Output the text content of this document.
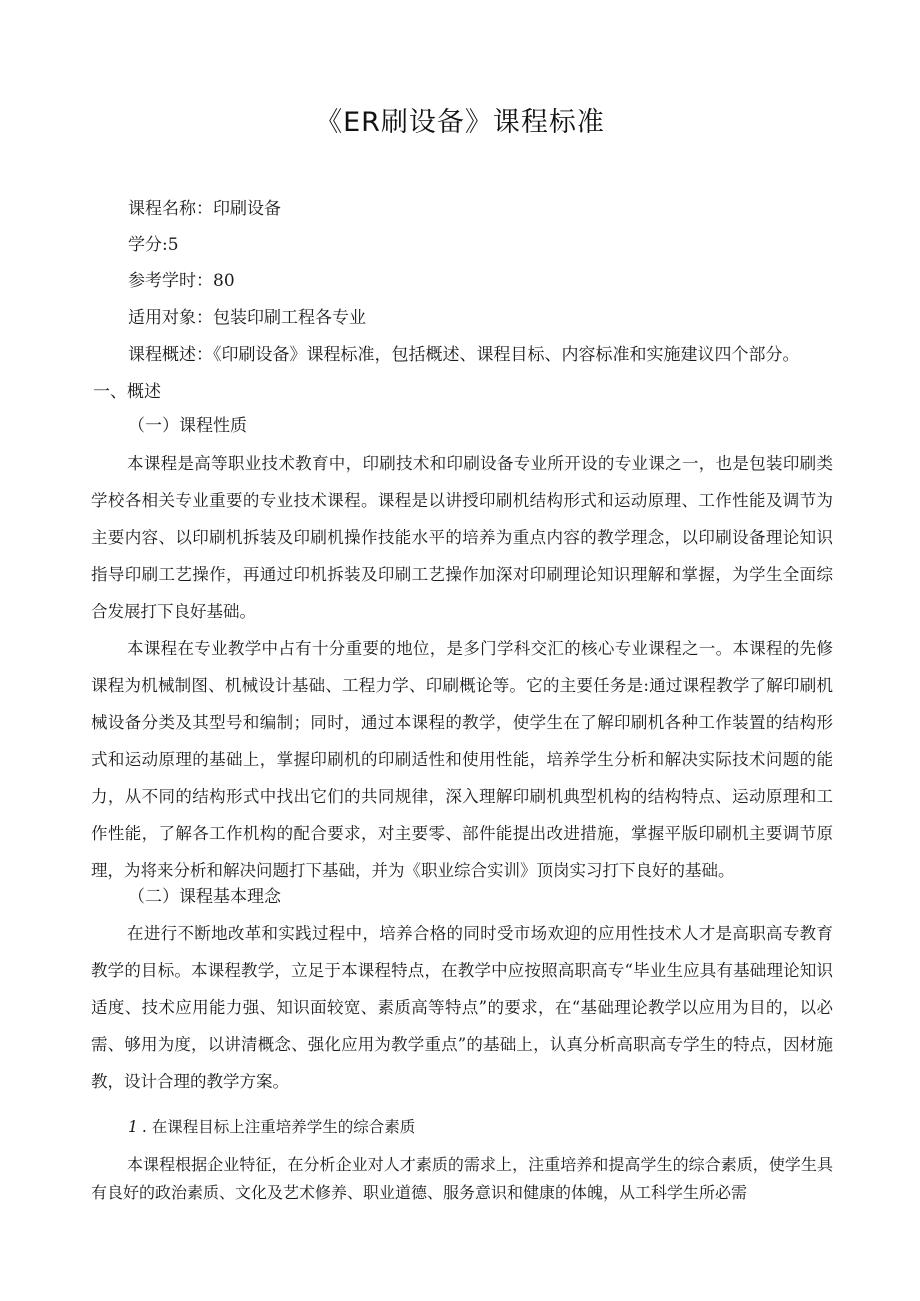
《ER刷设备》课程标准
课程名称：印刷设备
学分:5
参考学时：80
适用对象：包装印刷工程各专业
课程概述：《印刷设备》课程标准，包括概述、课程目标、内容标准和实施建议四个部分。
一、概述
（一）课程性质
本课程是高等职业技术教育中，印刷技术和印刷设备专业所开设的专业课之一，也是包装印刷类学校各相关专业重要的专业技术课程。课程是以讲授印刷机结构形式和运动原理、工作性能及调节为主要内容、以印刷机拆装及印刷机操作技能水平的培养为重点内容的教学理念，以印刷设备理论知识指导印刷工艺操作，再通过印机拆装及印刷工艺操作加深对印刷理论知识理解和掌握，为学生全面综合发展打下良好基础。
本课程在专业教学中占有十分重要的地位，是多门学科交汇的核心专业课程之一。本课程的先修课程为机械制图、机械设计基础、工程力学、印刷概论等。它的主要任务是:通过课程教学了解印刷机械设备分类及其型号和编制；同时，通过本课程的教学，使学生在了解印刷机各种工作装置的结构形式和运动原理的基础上，掌握印刷机的印刷适性和使用性能，培养学生分析和解决实际技术问题的能力，从不同的结构形式中找出它们的共同规律，深入理解印刷机典型机构的结构特点、运动原理和工作性能，了解各工作机构的配合要求，对主要零、部件能提出改进措施，掌握平版印刷机主要调节原理，为将来分析和解决问题打下基础，并为《职业综合实训》顶岗实习打下良好的基础。
（二）课程基本理念
在进行不断地改革和实践过程中，培养合格的同时受市场欢迎的应用性技术人才是高职高专教育教学的目标。本课程教学，立足于本课程特点，在教学中应按照高职高专“毕业生应具有基础理论知识适度、技术应用能力强、知识面较宽、素质高等特点”的要求，在“基础理论教学以应用为目的，以必需、够用为度，以讲清概念、强化应用为教学重点”的基础上，认真分析高职高专学生的特点，因材施教，设计合理的教学方案。
1 . 在课程目标上注重培养学生的综合素质
本课程根据企业特征，在分析企业对人才素质的需求上，注重培养和提高学生的综合素质，使学生具有良好的政治素质、文化及艺术修养、职业道德、服务意识和健康的体魄，从工科学生所必需
